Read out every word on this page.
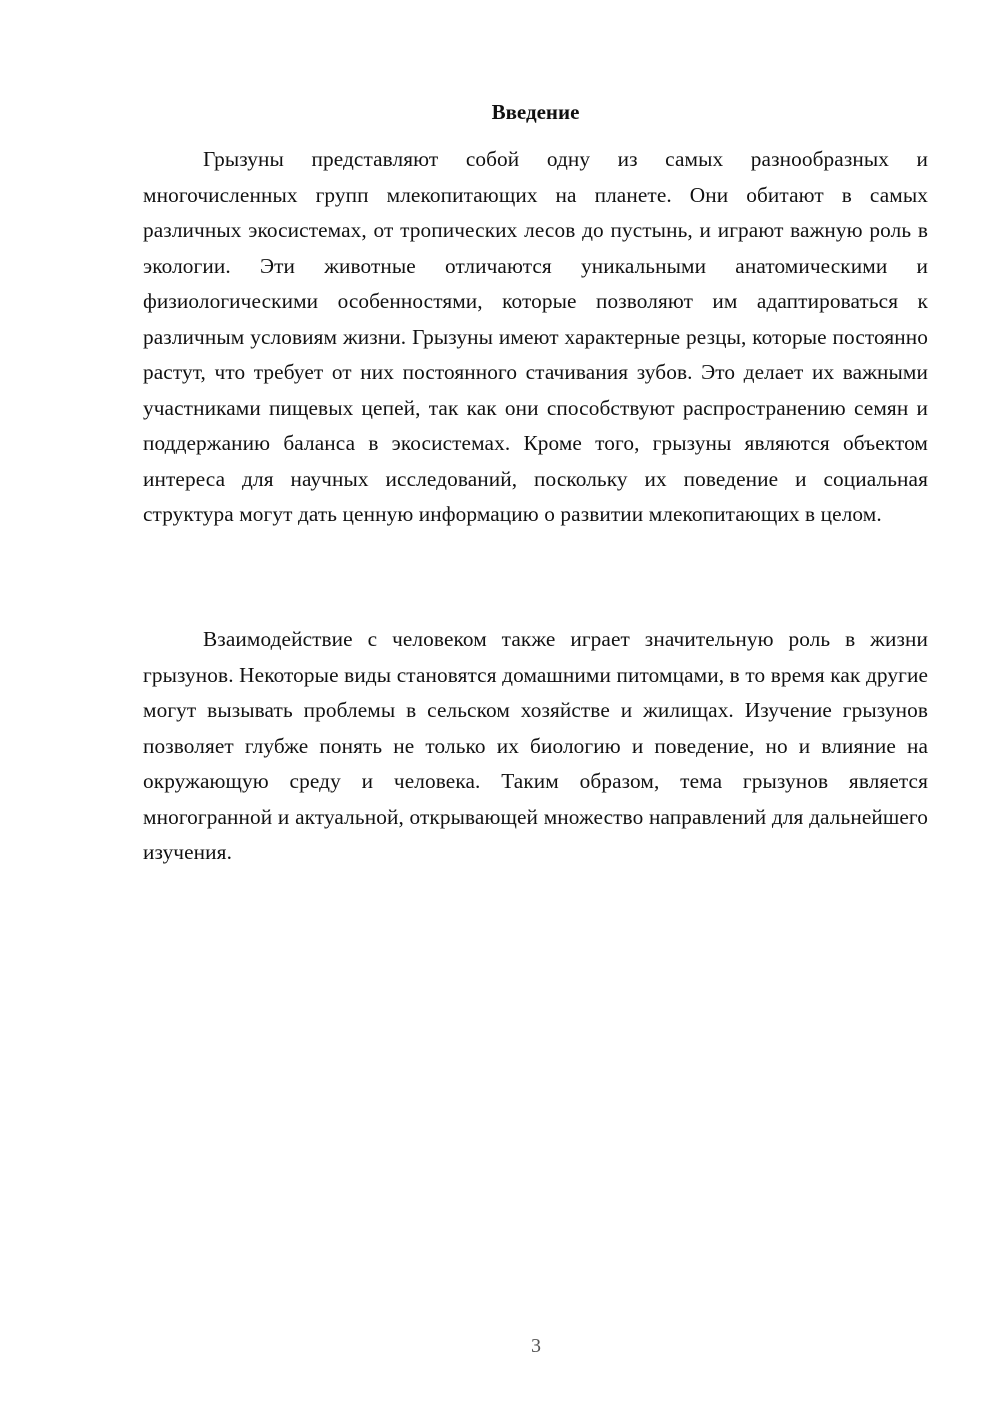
Введение

Грызуны представляют собой одну из самых разнообразных и многочисленных групп млекопитающих на планете. Они обитают в самых различных экосистемах, от тропических лесов до пустынь, и играют важную роль в экологии. Эти животные отличаются уникальными анатомическими и физиологическими особенностями, которые позволяют им адаптироваться к различным условиям жизни. Грызуны имеют характерные резцы, которые постоянно растут, что требует от них постоянного стачивания зубов. Это делает их важными участниками пищевых цепей, так как они способствуют распространению семян и поддержанию баланса в экосистемах. Кроме того, грызуны являются объектом интереса для научных исследований, поскольку их поведение и социальная структура могут дать ценную информацию о развитии млекопитающих в целом.

Взаимодействие с человеком также играет значительную роль в жизни грызунов. Некоторые виды становятся домашними питомцами, в то время как другие могут вызывать проблемы в сельском хозяйстве и жилищах. Изучение грызунов позволяет глубже понять не только их биологию и поведение, но и влияние на окружающую среду и человека. Таким образом, тема грызунов является многогранной и актуальной, открывающей множество направлений для дальнейшего изучения.

3
